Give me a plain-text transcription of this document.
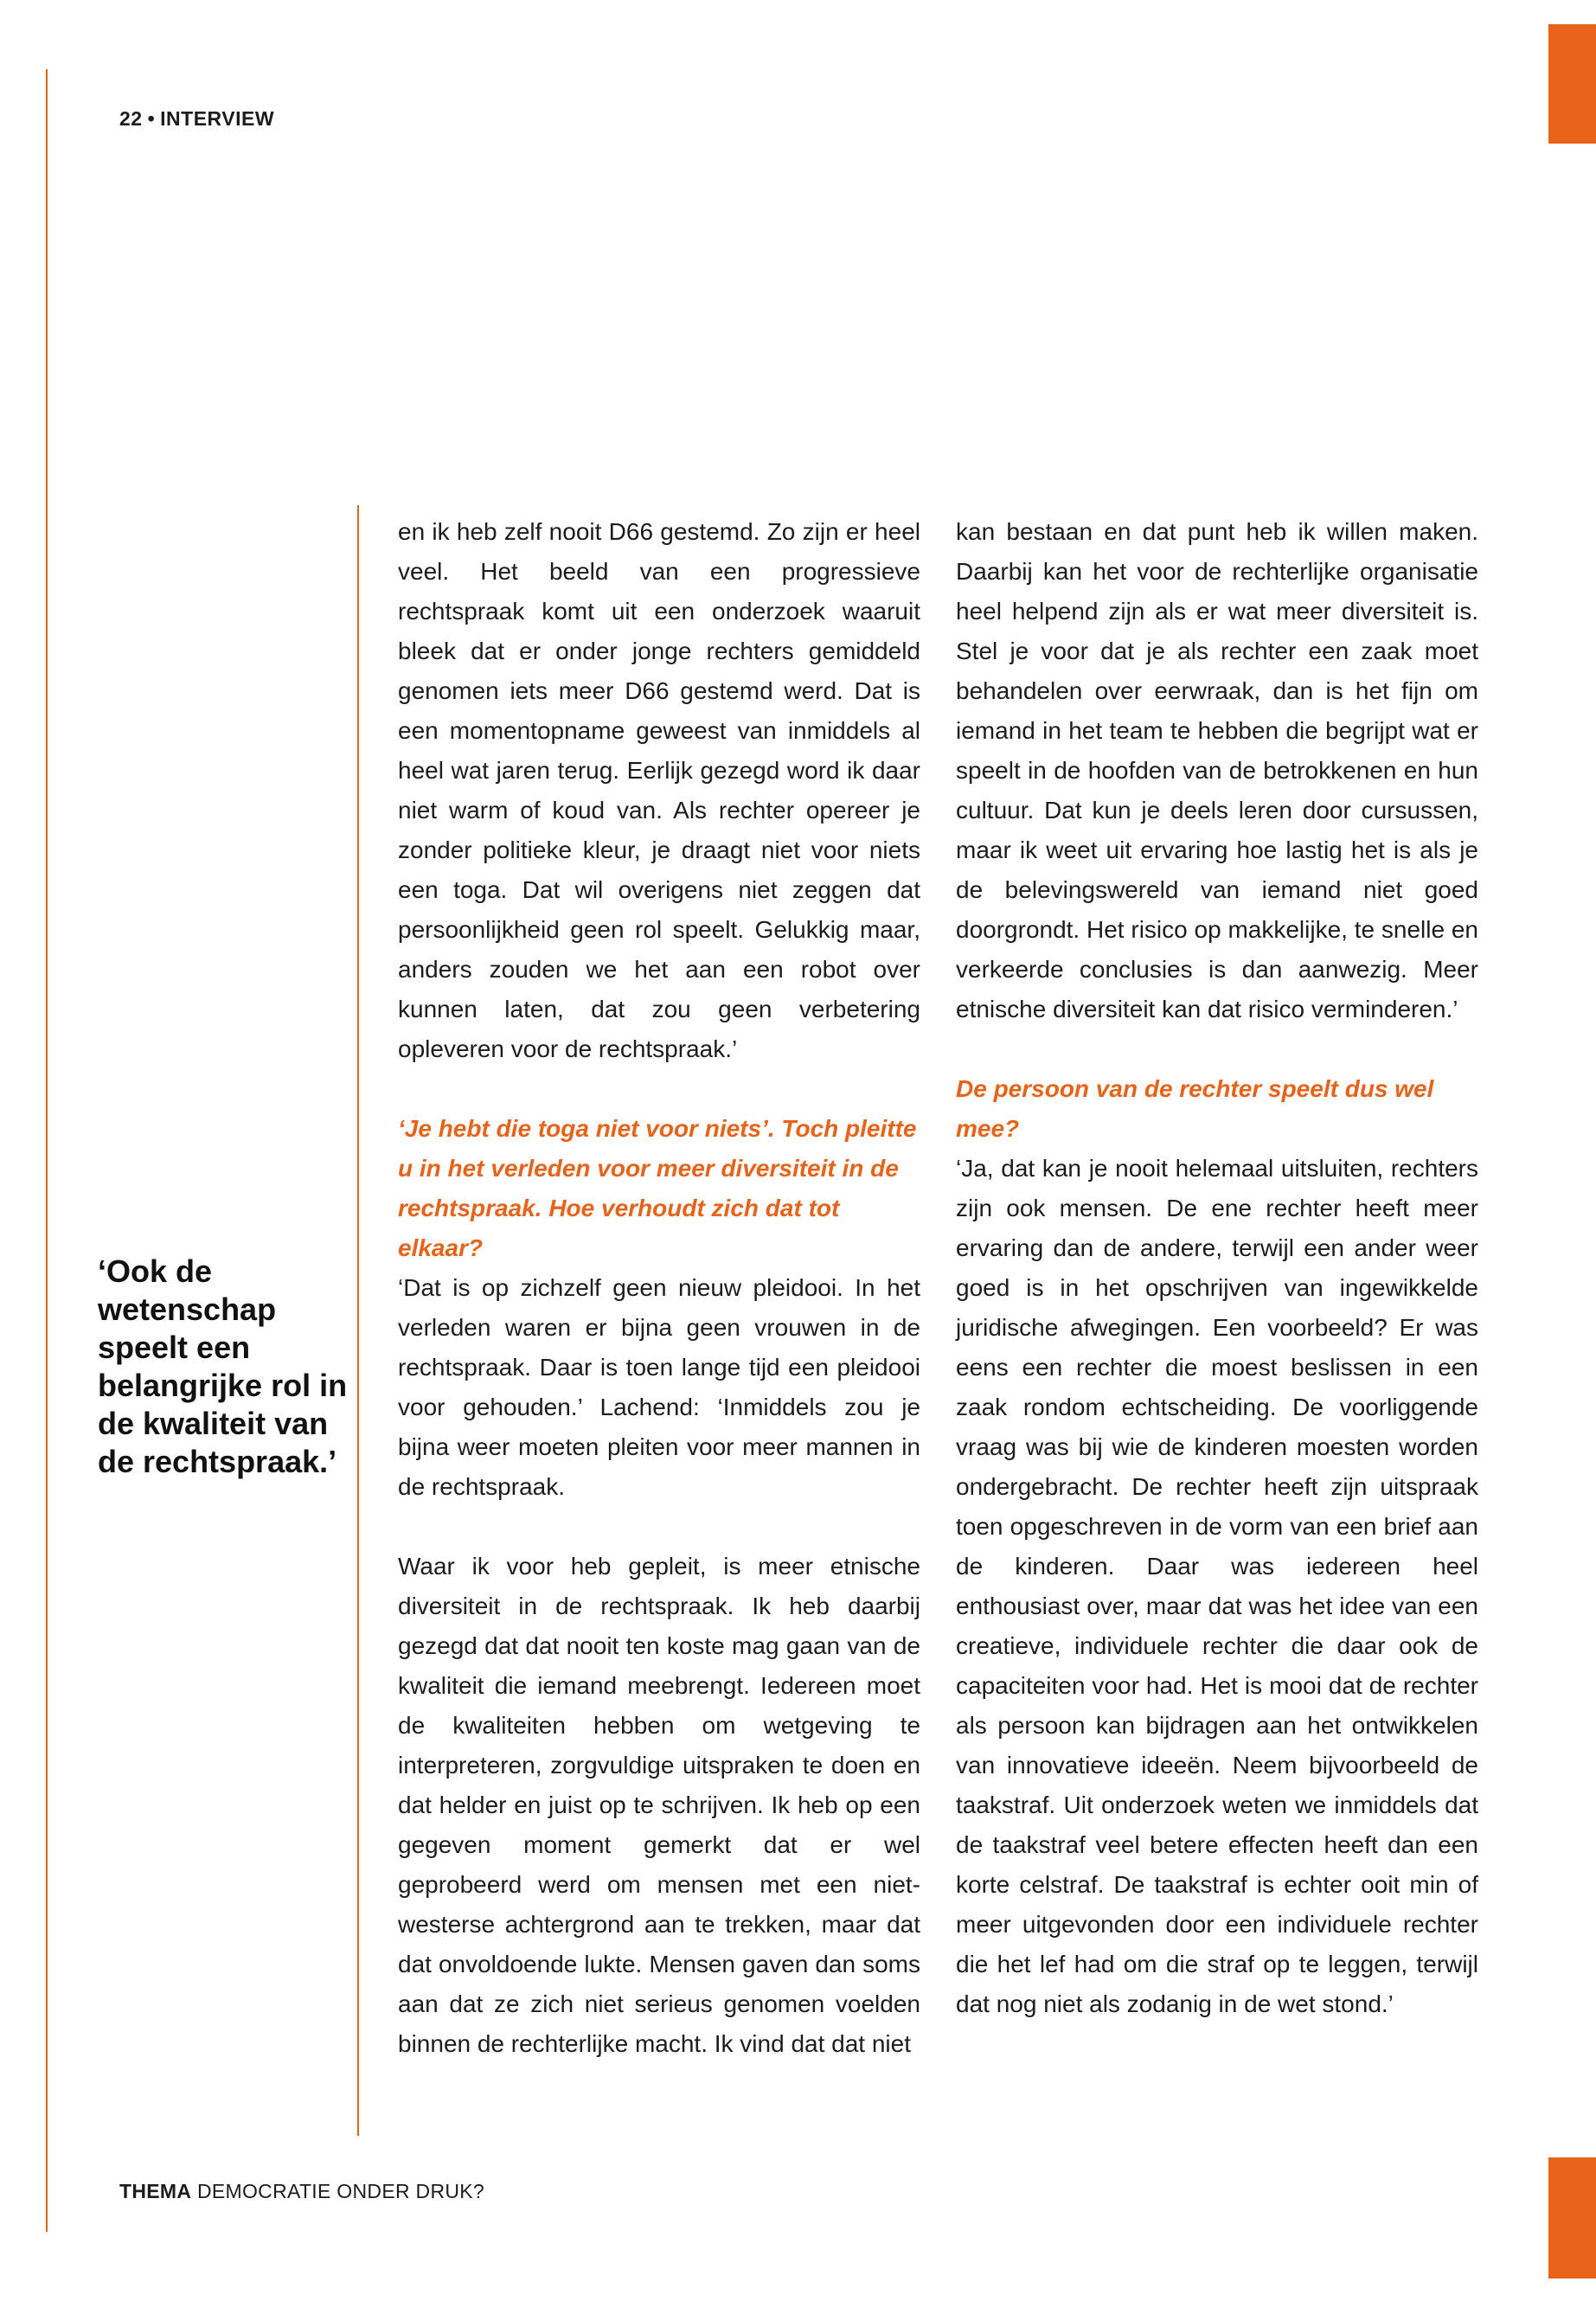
22 • INTERVIEW
‘Ook de wetenschap speelt een belangrijke rol in de kwaliteit van de rechtspraak.’

en ik heb zelf nooit D66 gestemd. Zo zijn er heel veel. Het beeld van een progressieve rechtspraak komt uit een onderzoek waaruit bleek dat er onder jonge rechters gemiddeld genomen iets meer D66 gestemd werd. Dat is een momentopname geweest van inmiddels al heel wat jaren terug. Eerlijk gezegd word ik daar niet warm of koud van. Als rechter opereer je zonder politieke kleur, je draagt niet voor niets een toga. Dat wil overigens niet zeggen dat persoonlijkheid geen rol speelt. Gelukkig maar, anders zouden we het aan een robot over kunnen laten, dat zou geen verbetering opleveren voor de rechtspraak.’

‘Je hebt die toga niet voor niets’. Toch pleitte u in het verleden voor meer diversiteit in de rechtspraak. Hoe verhoudt zich dat tot elkaar?

‘Dat is op zichzelf geen nieuw pleidooi. In het verleden waren er bijna geen vrouwen in de rechtspraak. Daar is toen lange tijd een pleidooi voor gehouden.’ Lachend: ‘Inmiddels zou je bijna weer moeten pleiten voor meer mannen in de rechtspraak.

Waar ik voor heb gepleit, is meer etnische diversiteit in de rechtspraak. Ik heb daarbij gezegd dat dat nooit ten koste mag gaan van de kwaliteit die iemand meebrengt. Iedereen moet de kwaliteiten hebben om wetgeving te interpreteren, zorgvuldige uitspraken te doen en dat helder en juist op te schrijven. Ik heb op een gegeven moment gemerkt dat er wel geprobeerd werd om mensen met een niet-westerse achtergrond aan te trekken, maar dat dat onvoldoende lukte. Mensen gaven dan soms aan dat ze zich niet serieus genomen voelden binnen de rechterlijke macht. Ik vind dat dat niet

kan bestaan en dat punt heb ik willen maken. Daarbij kan het voor de rechterlijke organisatie heel helpend zijn als er wat meer diversiteit is. Stel je voor dat je als rechter een zaak moet behandelen over eerwraak, dan is het fijn om iemand in het team te hebben die begrijpt wat er speelt in de hoofden van de betrokkenen en hun cultuur. Dat kun je deels leren door cursussen, maar ik weet uit ervaring hoe lastig het is als je de belevingswereld van iemand niet goed doorgrondt. Het risico op makkelijke, te snelle en verkeerde conclusies is dan aanwezig. Meer etnische diversiteit kan dat risico verminderen.’

De persoon van de rechter speelt dus wel mee?

‘Ja, dat kan je nooit helemaal uitsluiten, rechters zijn ook mensen. De ene rechter heeft meer ervaring dan de andere, terwijl een ander weer goed is in het opschrijven van ingewikkelde juridische afwegingen. Een voorbeeld? Er was eens een rechter die moest beslissen in een zaak rondom echtscheiding. De voorliggende vraag was bij wie de kinderen moesten worden ondergebracht. De rechter heeft zijn uitspraak toen opgeschreven in de vorm van een brief aan de kinderen. Daar was iedereen heel enthousiast over, maar dat was het idee van een creatieve, individuele rechter die daar ook de capaciteiten voor had. Het is mooi dat de rechter als persoon kan bijdragen aan het ontwikkelen van innovatieve ideeën. Neem bijvoorbeeld de taakstraf. Uit onderzoek weten we inmiddels dat de taakstraf veel betere effecten heeft dan een korte celstraf. De taakstraf is echter ooit min of meer uitgevonden door een individuele rechter die het lef had om die straf op te leggen, terwijl dat nog niet als zodanig in de wet stond.’

THEMA DEMOCRATIE ONDER DRUK?
